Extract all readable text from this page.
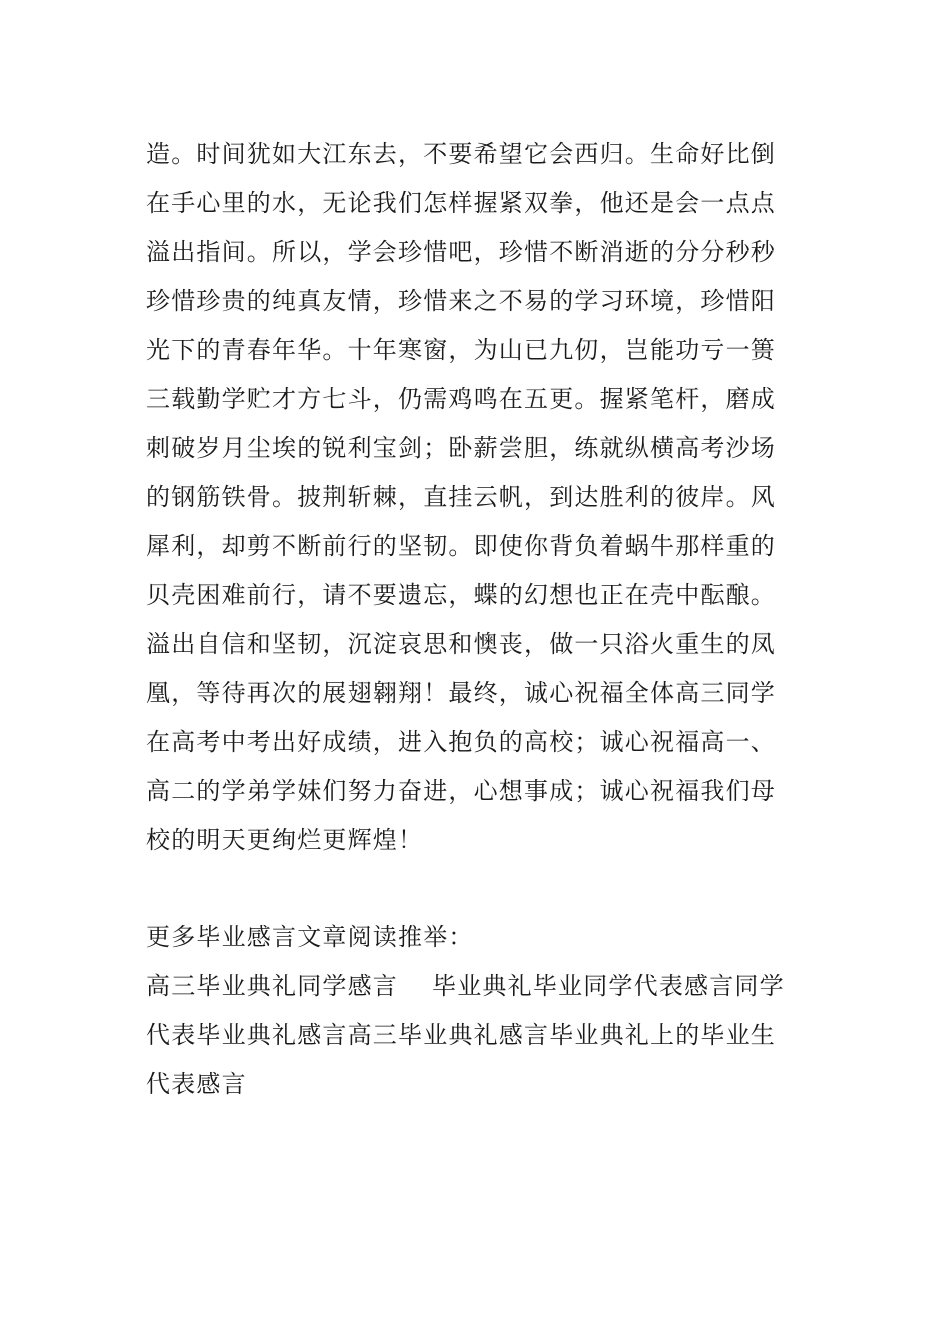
造。时间犹如大江东去，不要希望它会西归。生命好比倒
在手心里的水，无论我们怎样握紧双拳，他还是会一点点
溢出指间。所以，学会珍惜吧，珍惜不断消逝的分分秒秒
珍惜珍贵的纯真友情，珍惜来之不易的学习环境，珍惜阳
光下的青春年华。十年寒窗，为山已九仞，岂能功亏一篑
三载勤学贮才方七斗，仍需鸡鸣在五更。握紧笔杆，磨成
刺破岁月尘埃的锐利宝剑；卧薪尝胆，练就纵横高考沙场
的钢筋铁骨。披荆斩棘，直挂云帆，到达胜利的彼岸。风
犀利，却剪不断前行的坚韧。即使你背负着蜗牛那样重的
贝壳困难前行，请不要遗忘，蝶的幻想也正在壳中酝酿。
溢出自信和坚韧，沉淀哀思和懊丧，做一只浴火重生的凤
凰，等待再次的展翅翱翔！最终，诚心祝福全体高三同学
在高考中考出好成绩，进入抱负的高校；诚心祝福高一、
高二的学弟学妹们努力奋进，心想事成；诚心祝福我们母
校的明天更绚烂更辉煌！
更多毕业感言文章阅读推举：
高三毕业典礼同学感言　 毕业典礼毕业同学代表感言同学
代表毕业典礼感言高三毕业典礼感言毕业典礼上的毕业生
代表感言
